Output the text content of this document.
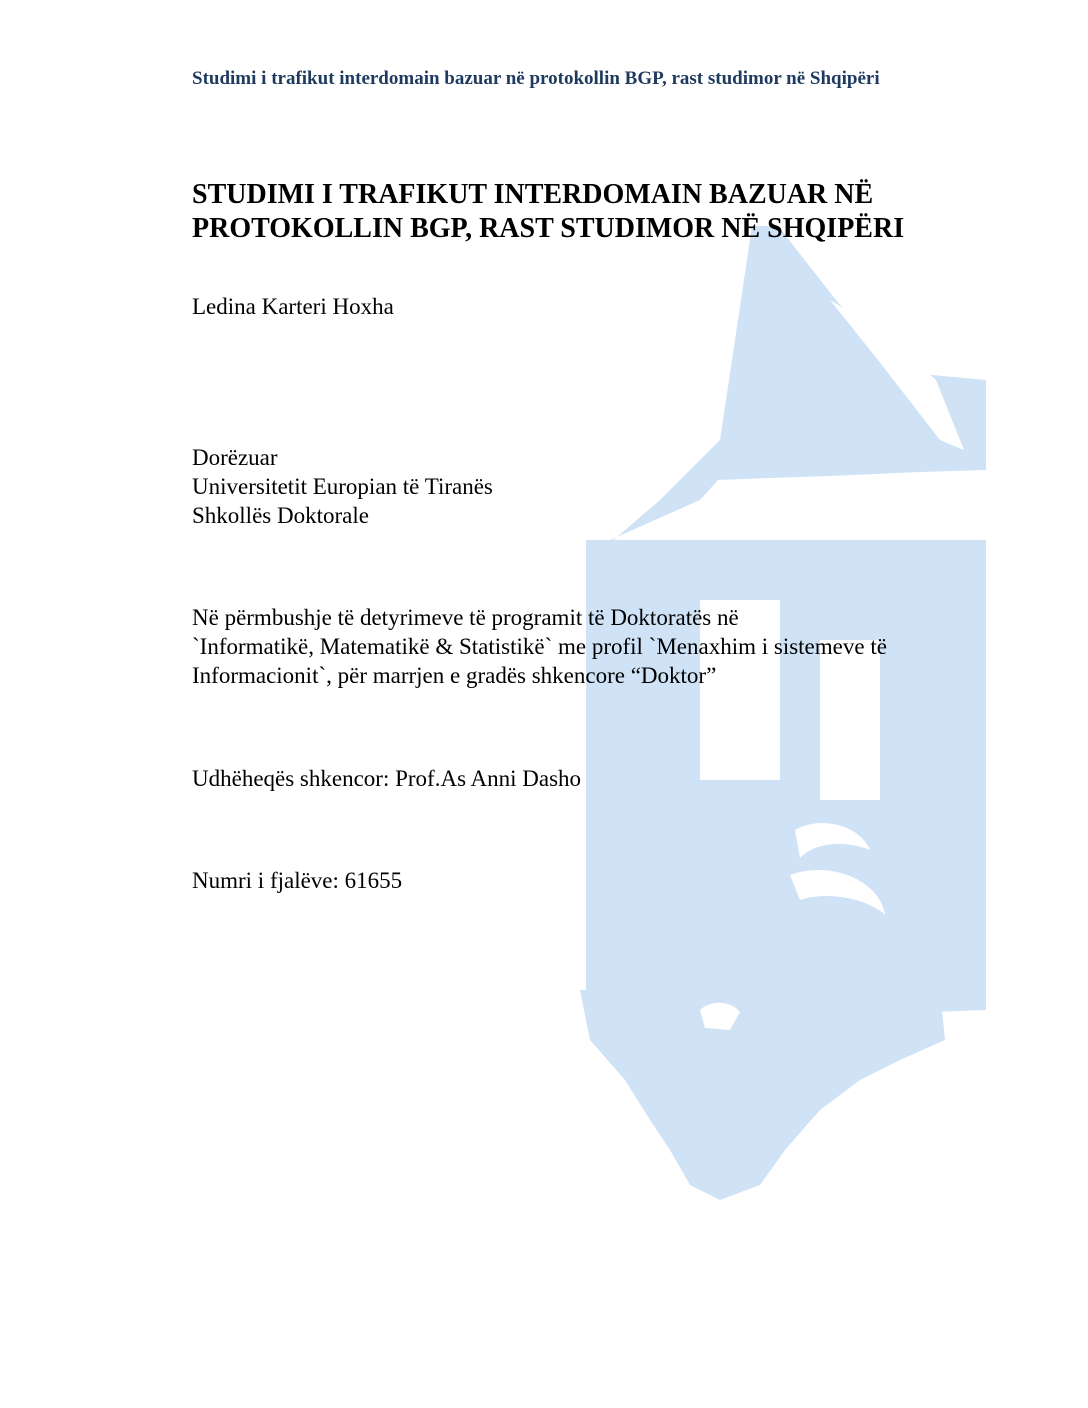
Studimi i trafikut interdomain bazuar në protokollin BGP, rast studimor në Shqipëri
STUDIMI I TRAFIKUT INTERDOMAIN BAZUAR NË
PROTOKOLLIN BGP, RAST STUDIMOR NË SHQIPËRI
Ledina Karteri Hoxha
Dorëzuar
Universitetit Europian të Tiranës
Shkollës Doktorale
Në përmbushje të detyrimeve të programit të Doktoratës në
`Informatikë, Matematikë & Statistikë` me profil `Menaxhim i sistemeve të
Informacionit`, për marrjen e gradës shkencore “Doktor”
Udhëheqës shkencor: Prof.As Anni Dasho
Numri i fjalëve: 61655
